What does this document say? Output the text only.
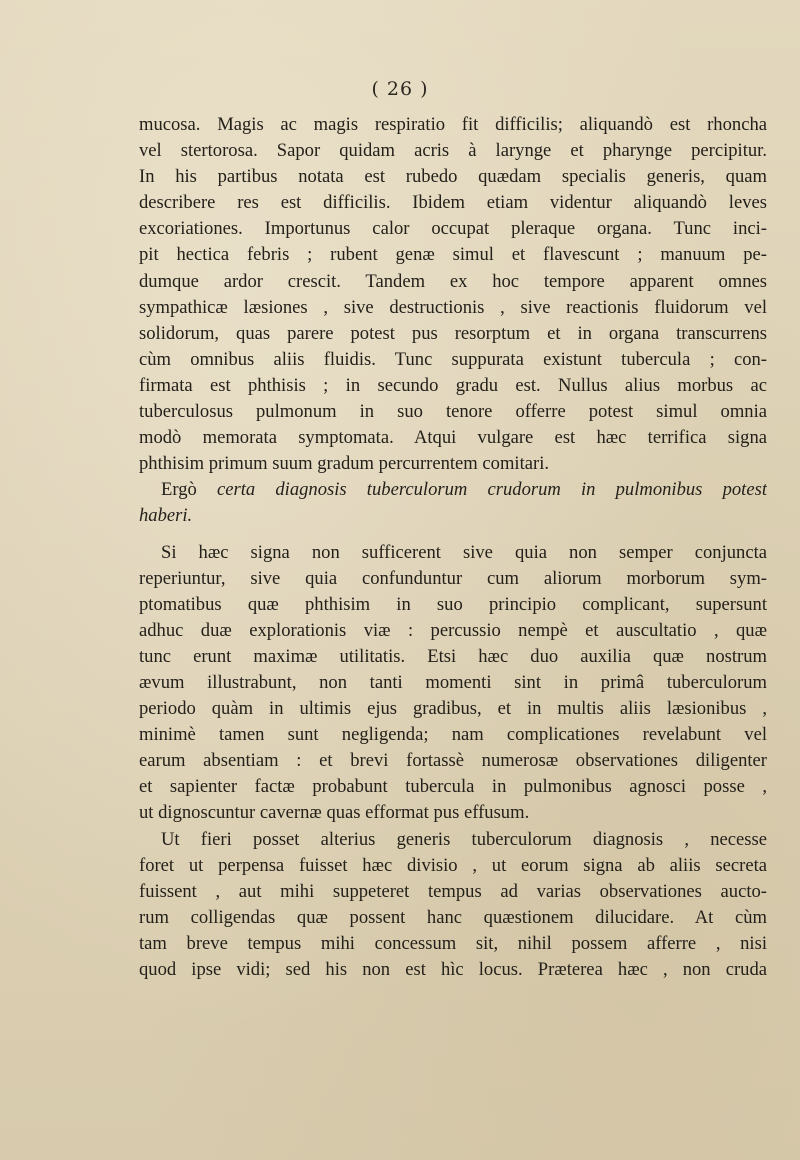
( 26 )
mucosa. Magis ac magis respiratio fit difficilis; aliquandò est rhoncha
vel stertorosa. Sapor quidam acris à larynge et pharynge percipitur.
In his partibus notata est rubedo quædam specialis generis, quam
describere res est difficilis. Ibidem etiam videntur aliquandò leves
excoriationes. Importunus calor occupat pleraque organa. Tunc inci-
pit hectica febris ; rubent genæ simul et flavescunt ; manuum pe-
dumque ardor crescit. Tandem ex hoc tempore apparent omnes
sympathicæ læsiones , sive destructionis , sive reactionis fluidorum vel
solidorum, quas parere potest pus resorptum et in organa transcurrens
cùm omnibus aliis fluidis. Tunc suppurata existunt tubercula ; con-
firmata est phthisis ; in secundo gradu est. Nullus alius morbus ac
tuberculosus pulmonum in suo tenore offerre potest simul omnia
modò memorata symptomata. Atqui vulgare est hæc terrifica signa
phthisim primum suum gradum percurrentem comitari.
Ergò certa diagnosis tuberculorum crudorum in pulmonibus potest
haberi.
Si hæc signa non sufficerent sive quia non semper conjuncta
reperiuntur, sive quia confunduntur cum aliorum morborum sym-
ptomatibus quæ phthisim in suo principio complicant, supersunt
adhuc duæ explorationis viæ : percussio nempè et auscultatio , quæ
tunc erunt maximæ utilitatis. Etsi hæc duo auxilia quæ nostrum
ævum illustrabunt, non tanti momenti sint in primâ tuberculorum
periodo quàm in ultimis ejus gradibus, et in multis aliis læsionibus ,
minimè tamen sunt negligenda; nam complicationes revelabunt vel
earum absentiam : et brevi fortassè numerosæ observationes diligenter
et sapienter factæ probabunt tubercula in pulmonibus agnosci posse ,
ut dignoscuntur cavernæ quas efformat pus effusum.
Ut fieri posset alterius generis tuberculorum diagnosis , necesse
foret ut perpensa fuisset hæc divisio , ut eorum signa ab aliis secreta
fuissent , aut mihi suppeteret tempus ad varias observationes aucto-
rum colligendas quæ possent hanc quæstionem dilucidare. At cùm
tam breve tempus mihi concessum sit, nihil possem afferre , nisi
quod ipse vidi; sed his non est hìc locus. Præterea hæc , non cruda
